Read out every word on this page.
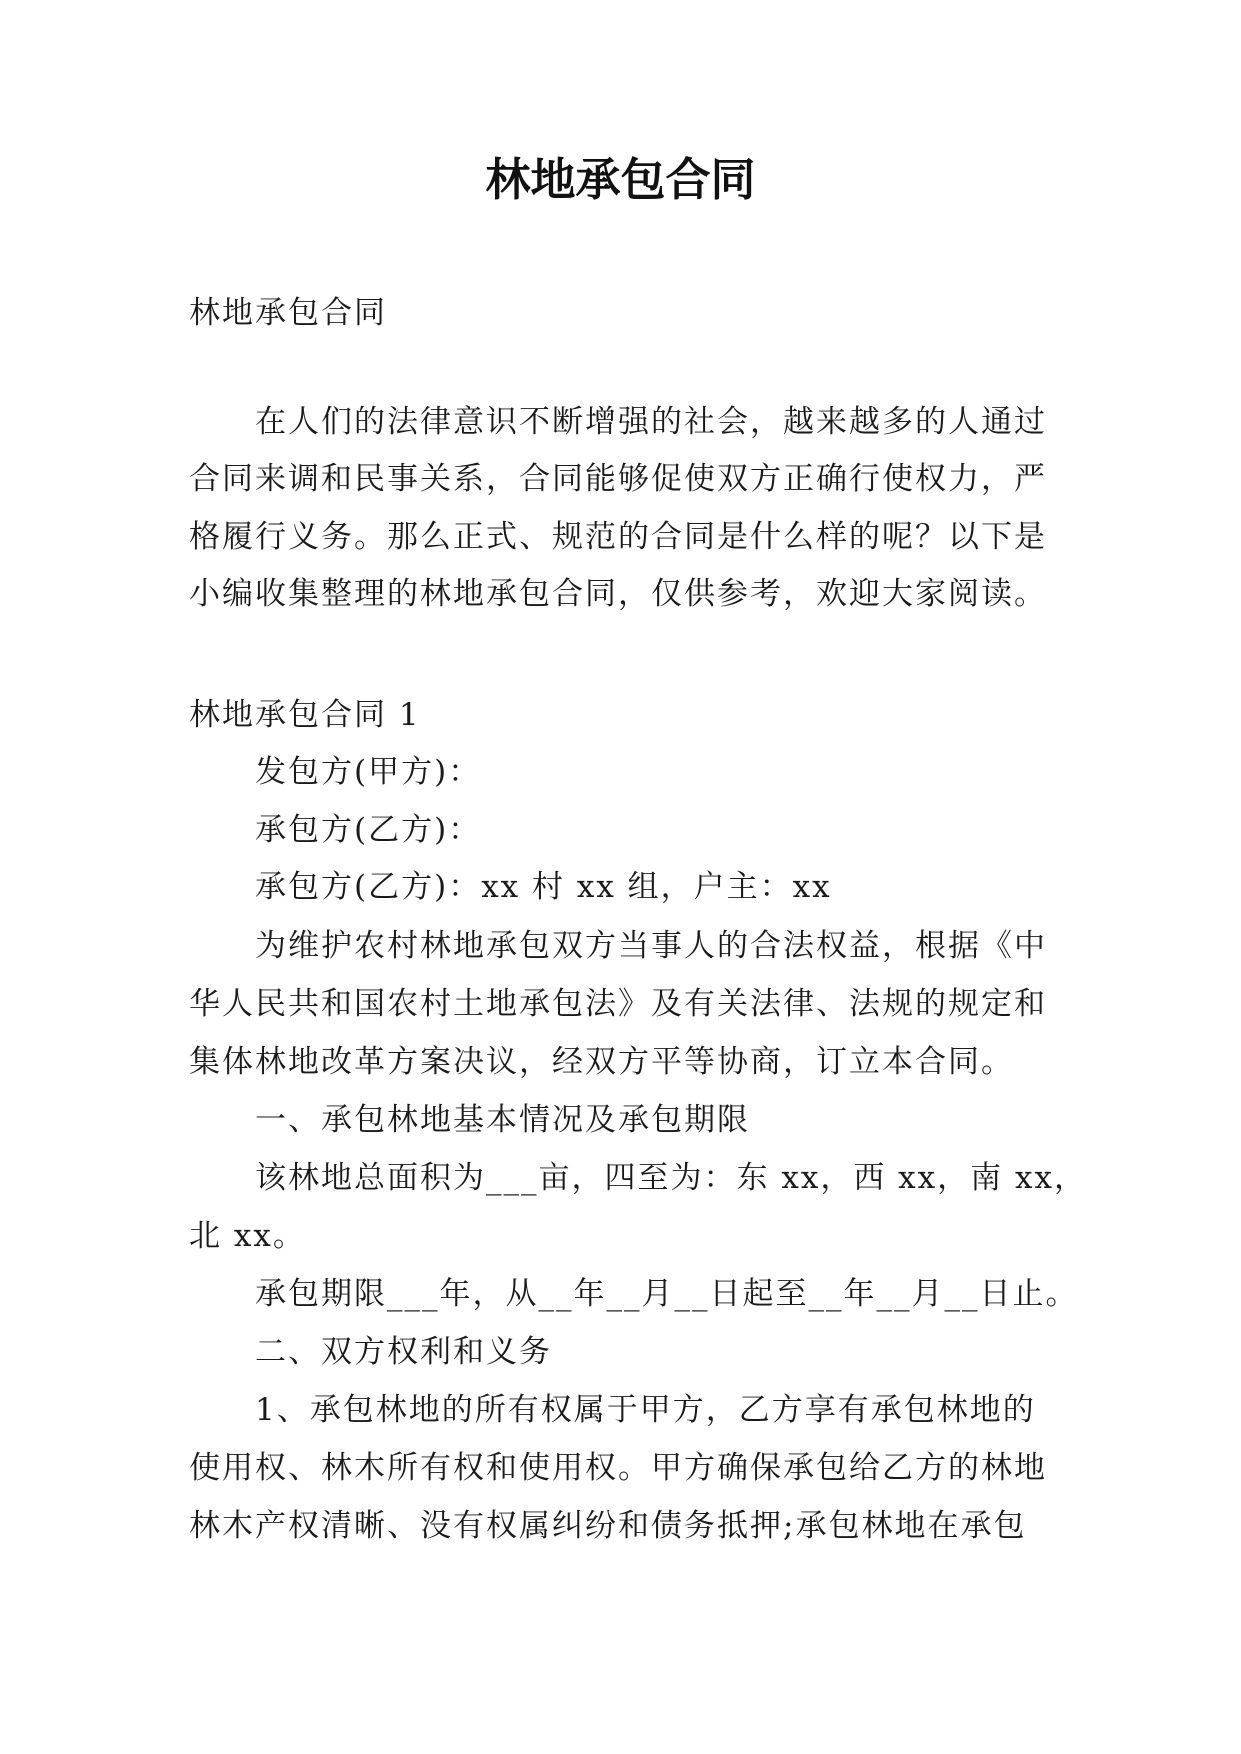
林地承包合同
林地承包合同
在人们的法律意识不断增强的社会，越来越多的人通过
合同来调和民事关系，合同能够促使双方正确行使权力，严
格履行义务。那么正式、规范的合同是什么样的呢？以下是
小编收集整理的林地承包合同，仅供参考，欢迎大家阅读。
林地承包合同 1
发包方(甲方)：
承包方(乙方)：
承包方(乙方)：xx 村 xx 组，户主：xx
为维护农村林地承包双方当事人的合法权益，根据《中
华人民共和国农村土地承包法》及有关法律、法规的规定和
集体林地改革方案决议，经双方平等协商，订立本合同。
一、承包林地基本情况及承包期限
该林地总面积为___亩，四至为：东 xx，西 xx，南 xx，
北 xx。
承包期限___年，从__年__月__日起至__年__月__日止。
二、双方权利和义务
1、承包林地的所有权属于甲方，乙方享有承包林地的
使用权、林木所有权和使用权。甲方确保承包给乙方的林地
林木产权清晰、没有权属纠纷和债务抵押;承包林地在承包
